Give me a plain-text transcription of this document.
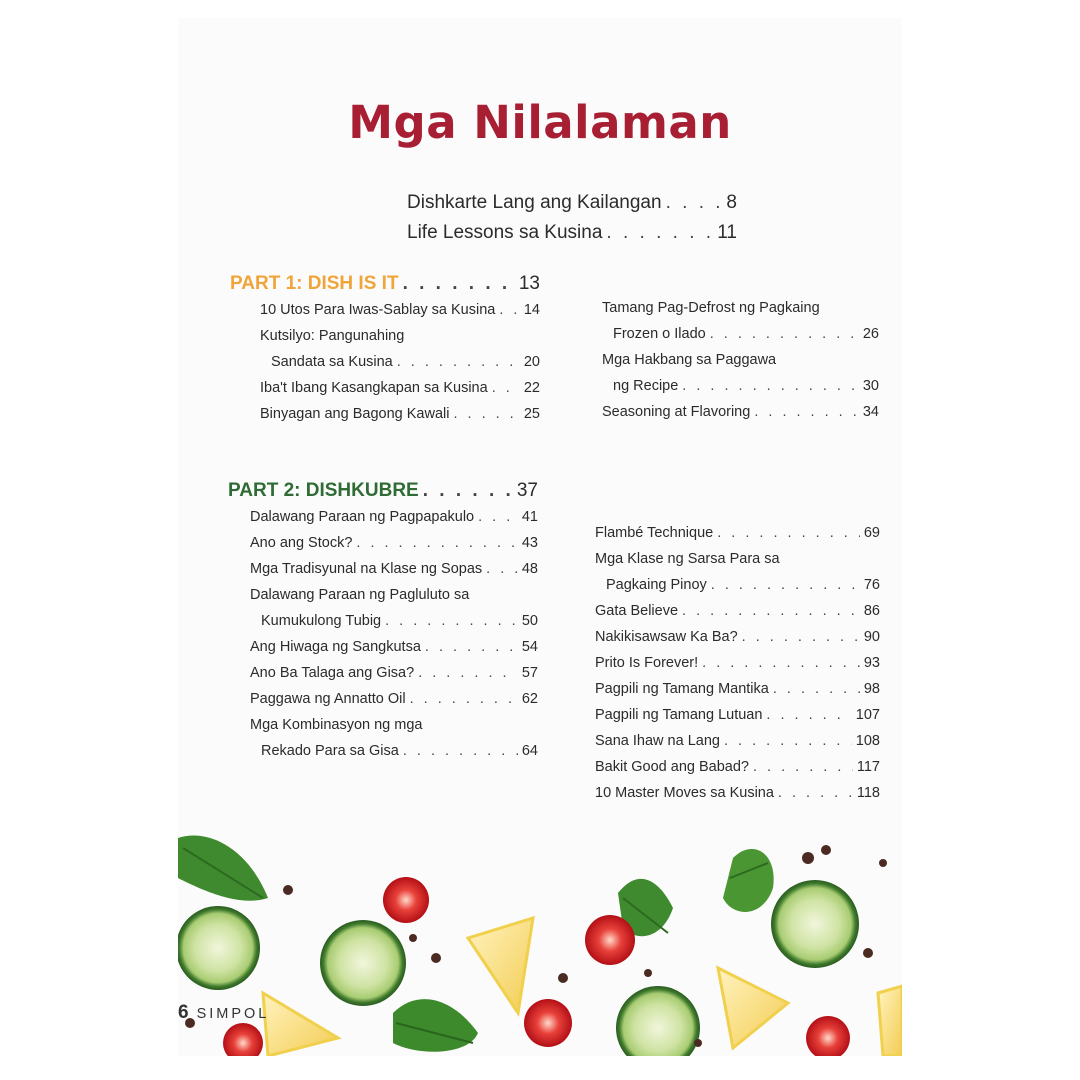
Mga Nilalaman
Dishkarte Lang ang Kailangan . . .	8
Life Lessons sa Kusina . . .	11
PART 1: DISH IS IT . . .	13
10 Utos Para Iwas-Sablay sa Kusina . . . 14
Kutsilyo: Pangunahing
Sandata sa Kusina . . .	20
Iba't Ibang Kasangkapan sa Kusina . . . 22
Binyagan ang Bagong Kawali . . .	25
Tamang Pag-Defrost ng Pagkaing
Frozen o Ilado . . .	26
Mga Hakbang sa Paggawa
ng Recipe . . .	30
Seasoning at Flavoring . . .	34
PART 2: DISHKUBRE . . .	37
Dalawang Paraan ng Pagpapakulo . . .	41
Ano ang Stock? . . .	43
Mga Tradisyunal na Klase ng Sopas . . .	48
Dalawang Paraan ng Pagluluto sa
Kumukulong Tubig . . .	50
Ang Hiwaga ng Sangkutsa . . .	54
Ano Ba Talaga ang Gisa? . . .	57
Paggawa ng Annatto Oil . . .	62
Mga Kombinasyon ng mga
Rekado Para sa Gisa . . .	64
Flambé Technique . . .	69
Mga Klase ng Sarsa Para sa
Pagkaing Pinoy . . .	76
Gata Believe . . .	86
Nakikisawsaw Ka Ba? . . .	90
Prito Is Forever! . . .	93
Pagpili ng Tamang Mantika . . .	98
Pagpili ng Tamang Lutuan . . .	107
Sana Ihaw na Lang . . .	108
Bakit Good ang Babad? . . .	117
10 Master Moves sa Kusina . . .	118
6 SIMPOL
